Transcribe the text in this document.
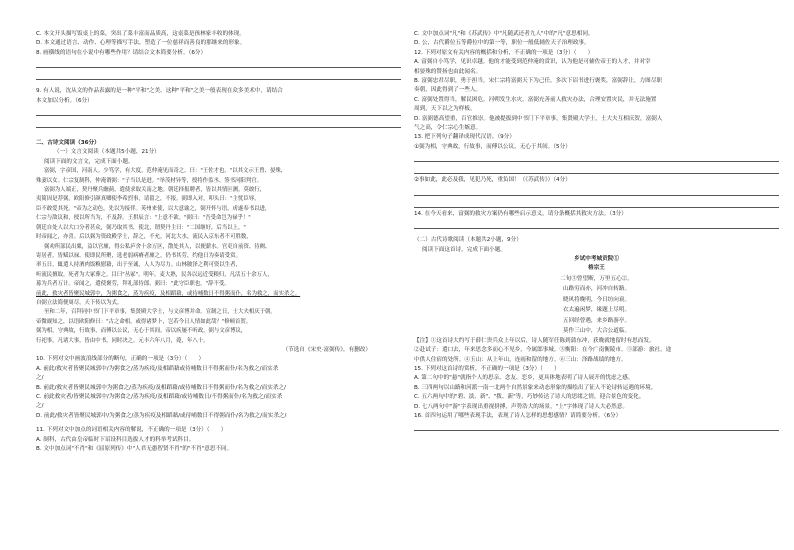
C. 本文开头描写饭桌上的菜，突出了菜丰富而品质高，这桌菜是孩林家丰收的体现。
D. 本文通过语言、动作、心理等描写手法，塑造了一位慈祥而善良的那继来的形象。
8. 画横线的语句在小说中有哪些作用？请结合文本简要分析。（6分）
9. 有人说，沈从文的作品表露的是一种"平和"之美。这种"平和"之美一般表现在众多美术中，请结合
本文加以分析。（6分）
二、古诗文阅读（36分）
（一）文言文阅读（本题共5小题，21分）
阅读下面的文言文，完成下面小题。
富弼，字彦国，河南人。少笃学，有大度。范仲淹见而奇之，曰："王佐才也。"以其文示王曾、晏殊，
殊妻以女。仁宗复制科，仲淹谓弼："子当以是进。"举茂材异等，授将作监丞、签书河阳判官。
富弼为人端正，契丹聚兵幽蓟，遣使求取关南之地。朝廷择报聘者，皆以其情叵测，莫敢行，
夷简因是荐弼。欧阳修引颜真卿使李希烈事，请留之，不报。弼即入对，叩头曰："主忧臣辱，
臣不敢爱其死。"帝为之动色，先以为接伴。英州来使，以大意谕之，弼开怀与语，虏遂奉书以进，
仁宗与敌议和，授以所当为，不及辞。王拱辰言："上意不欲。"弼曰："吾受命岂为禄乎！"
朝廷自处人以大口分者甚众，弼乃取其书，使北，谓契丹主曰："二国继好，后当以上。"
时帝闻之，亦喜。后以弼为资政殿学士，辞之，不允。河北大水，流民入京东者不可胜数，
弼劝所部民出粟，益以官廪，得公私庐舍十余万区，散处其人，以便薪水。官吏自前资、待阙、
寄居者，皆赋以禄，使即民所聚，选老弱病瘠者廪之。仍书其劳，约他日为奏请受赏。
率五日，辄遣人持酒肉饭糗慰藉，出于至诚，人人为尽力。山林陂泽之利可资以生者，
听流民擅取。死者为大冢葬之，目曰"丛冢"。明年，麦大熟，民各以远近受粮归，凡活五十余万人，
募为兵者万计。帝闻之，遣使褒劳，拜礼部侍郎。弼曰："此守臣职也。"辞不受。
前此，救灾者皆聚民城郭中，为粥食之，蒸为疾疫，及相蹈藉，或待哺数日不得粥而仆，名为救之，而实杀之。
自弼立法简便周尽，天下传以为式。
至和二年，召拜同中书门下平章事，集贤殿大学士，与文彦博并命。宣制之日，士大夫相庆于朝。
帝微觇知之，以语欧阳修曰："古之命相，或得诸梦卜，岂若今日人情如此哉？"修顿首贺。
弼为相，守典故，行故事，而傅以公议，无心于其间。帝以疾屡不听政，弼与文彦博议，
行祀事，凡诸大事，皆由中书，同时决之。元丰六年八月，薨，年八十。
（节选自《宋史·富弼传》，有删改）
10. 下列对文中画波浪线部分的断句，正确的一项是（3分）（　　）
A. 前此/救灾者皆聚民城郭中/为粥食之/蒸为疾疫/及相蹈藉或待哺数日不得粥而仆/名为救之/而实杀
之/
B. 前此/救灾者皆聚民城郭中为粥食之/蒸为疾疫/及相蹈藉/或待哺数日不得粥而仆/名为救之/而实杀之/
C. 前此救灾者/皆聚民城郭中/为粥食之/蒸为疾疫/及相蹈藉/或待哺数日/不得粥而仆/名为救之/而实杀
之/
D. 前此/救灾者皆聚民城郭中/为粥食之/蒸为疾疫及相蹈藉/或待哺数日不得粥而仆/名为救之/而实杀之/
11. 下列对文中加点的词语相关内容的解说，不正确的一项是（3分）（　　）
A. 制科，古代由皇帝临时下诏设科目选拔人才的科举考试科目。
B. 文中加点词"不肖"和《屈原列传》中"人君无愚智贤不肖"的"不肖"意思不同。
C. 文中加点词"凡"和《苏武传》中"凡随武还者九人"中的"凡"意思相同。
D. 公，古代爵位五等爵位中的第一等，职位一般低辅佐天子治理政事。
12. 下列对原文有关内容的概括和分析，不正确的一项是（3分）（　　）
A. 富弼自小笃学，见识卓越。他的才能受到范仲淹的赏识，认为他是可辅佐帝王的人才，并对宰
相晏殊的赞扬也由此闻名。
B. 富弼忠君尽职，勇于担当。宋仁宗将富弼天下为己任，多次下诏书进行褒奖，富弼辞让，力图尽职
奏朝，因此得到了一些人。
C. 富弼处置得当，解民困危。河朔发生水灾，富弼充善前人救灾办法，合理安置灾民，并无法施置
周到，天下以之为样板。
D. 富弼德高望重，百官推崇。他被提拔到中书门下平章事，集贤殿大学士，士大夫互相庆贺，富弼人
气之高，令仁宗心生嫉意。
13. 把下列句子翻译成现代汉语。（9分）
①弼为相，守典故，行故事，而傅以公议，无心于其间。（5分）
②事如此，此必及我，见犯乃死，重负国！（《苏武传》）（4分）
14. 在今天看来，富弼的救灾方案仍有哪些启示意义，请分条概括其救灾方法。（3分）
（二）古代诗歌阅读（本题共2小题，9分）
阅读下面这首诗，完成下面小题。
乡试中考城贡院①
格宗王
二旬③曾望断，万里五心②。
山路穷而亦，河冲自转路。
晓风将晚明，今日坊向衰。
衣太遍闲梦，缘题上尽明。
五回经曾遇，来乡路游亭。
莫作三山中，大合公道临。
【注】①这首诗大约写于薛仁贵兵众上年以后，诗人随军任陈到蒲东冲，获晚就地留时有思而发。
②赴试子：遣口去，年来思念多而心不见乡，今属郎事城。③衡阳：在今广南衡陵市。⑤部游：旅社，途
中供人住宿的处所。④玉山：从上年山，连雨和留的地方。⑥三山：泽路战绩的地方。
15. 下列对这首诗的赏析，不正确的一项是（3分）（　　）
A. 第二句中的"悬"就指个人的思亲、念友、恋乡，更具体地表明了诗人展开的忧虑之感。
B. 三四两句以山路和河派一南一北两个自然景象来动态形象的描绘出了征人不论诗转运遇的环境。
C. 五六两句中的"碧、淡、新"、"拨、新"等，巧妙传达了诗人的思绪之情，迎合景色的变化。
D. 七八两句中"游"字表现出重视拼搏，声势浩大的场景，"上"字体现了诗人大必然意。
16. 首四句运用了哪些表现手法，表现了诗人怎样的思想感情？请简要分析。（6分）
